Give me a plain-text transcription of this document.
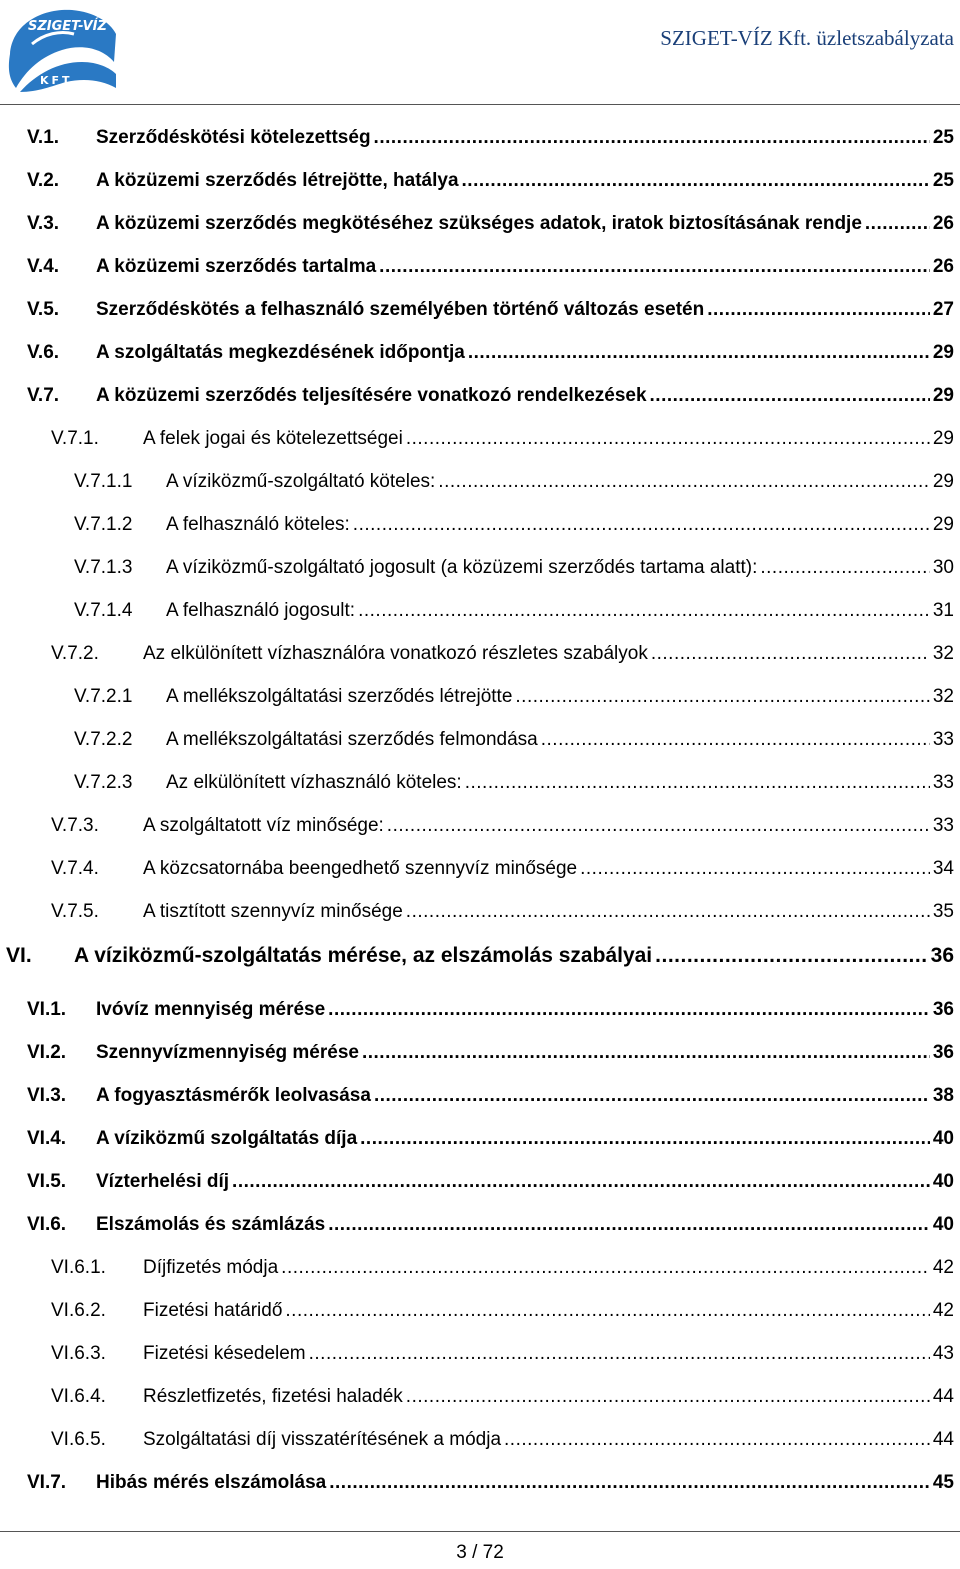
SZIGET-VÍZ
KFT
SZIGET-VÍZ Kft. üzletszabályzata
V.1.	Szerződéskötési kötelezettség .....	25
V.2.	A közüzemi szerződés létrejötte, hatálya .....	25
V.3.	A közüzemi szerződés megkötéséhez szükséges adatok, iratok biztosításának rendje .....	26
V.4.	A közüzemi szerződés tartalma .....	26
V.5.	Szerződéskötés a felhasználó személyében történő változás esetén .....	27
V.6.	A szolgáltatás megkezdésének időpontja .....	29
V.7.	A közüzemi szerződés teljesítésére vonatkozó rendelkezések .....	29
V.7.1.	A felek jogai és kötelezettségei .....	29
V.7.1.1	A víziközmű-szolgáltató köteles: .....	29
V.7.1.2	A felhasználó köteles: .....	29
V.7.1.3	A víziközmű-szolgáltató jogosult (a közüzemi szerződés tartama alatt): .....	30
V.7.1.4	A felhasználó jogosult: .....	31
V.7.2.	Az elkülönített vízhasználóra vonatkozó részletes szabályok .....	32
V.7.2.1	A mellékszolgáltatási szerződés létrejötte .....	32
V.7.2.2	A mellékszolgáltatási szerződés felmondása .....	33
V.7.2.3	Az elkülönített vízhasználó köteles: .....	33
V.7.3.	A szolgáltatott víz minősége: .....	33
V.7.4.	A közcsatornába beengedhető szennyvíz minősége .....	34
V.7.5.	A tisztított szennyvíz minősége .....	35
VI.	A víziközmű-szolgáltatás mérése, az elszámolás szabályai .....	36
VI.1.	Ivóvíz mennyiség mérése .....	36
VI.2.	Szennyvízmennyiség mérése .....	36
VI.3.	A fogyasztásmérők leolvasása .....	38
VI.4.	A víziközmű szolgáltatás díja .....	40
VI.5.	Vízterhelési díj .....	40
VI.6.	Elszámolás és számlázás .....	40
VI.6.1.	Díjfizetés módja .....	42
VI.6.2.	Fizetési határidő .....	42
VI.6.3.	Fizetési késedelem .....	43
VI.6.4.	Részletfizetés, fizetési haladék .....	44
VI.6.5.	Szolgáltatási díj visszatérítésének a módja .....	44
VI.7.	Hibás mérés elszámolása .....	45
3 / 72
